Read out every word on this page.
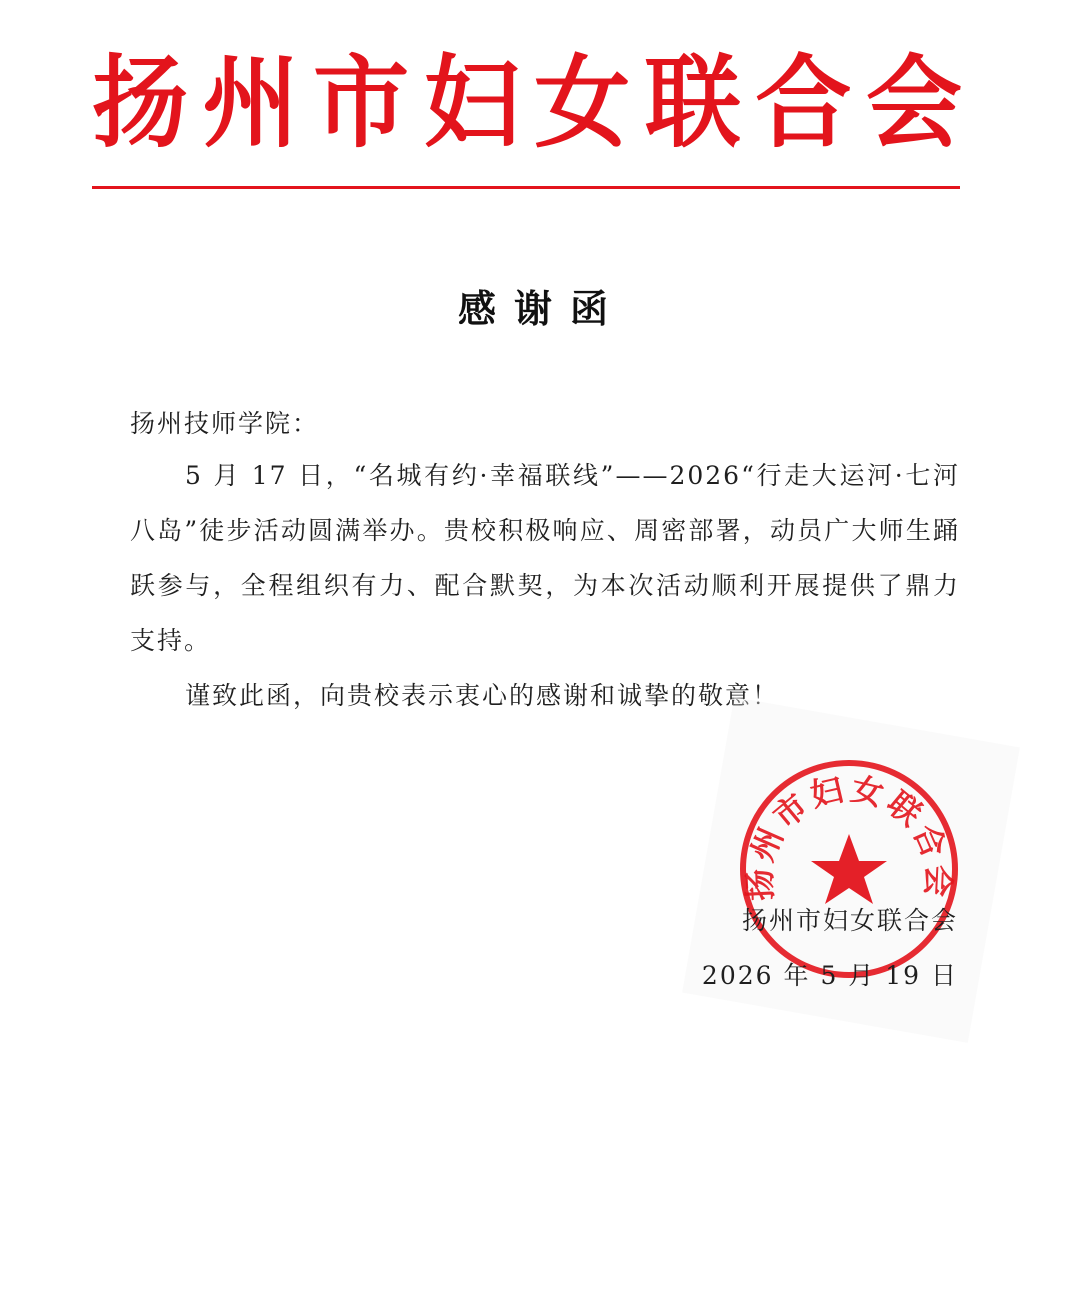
扬 州 市 妇 女 联 合 会
感谢函
扬州技师学院：
5 月 17 日，“名城有约·幸福联线”——2026“行走大运河·七河八岛”徒步活动圆满举办。贵校积极响应、周密部署，动员广大师生踊跃参与，全程组织有力、配合默契，为本次活动顺利开展提供了鼎力支持。
谨致此函，向贵校表示衷心的感谢和诚挚的敬意！
扬州市妇女联合会
扬州市妇女联合会
2026 年 5 月 19 日
